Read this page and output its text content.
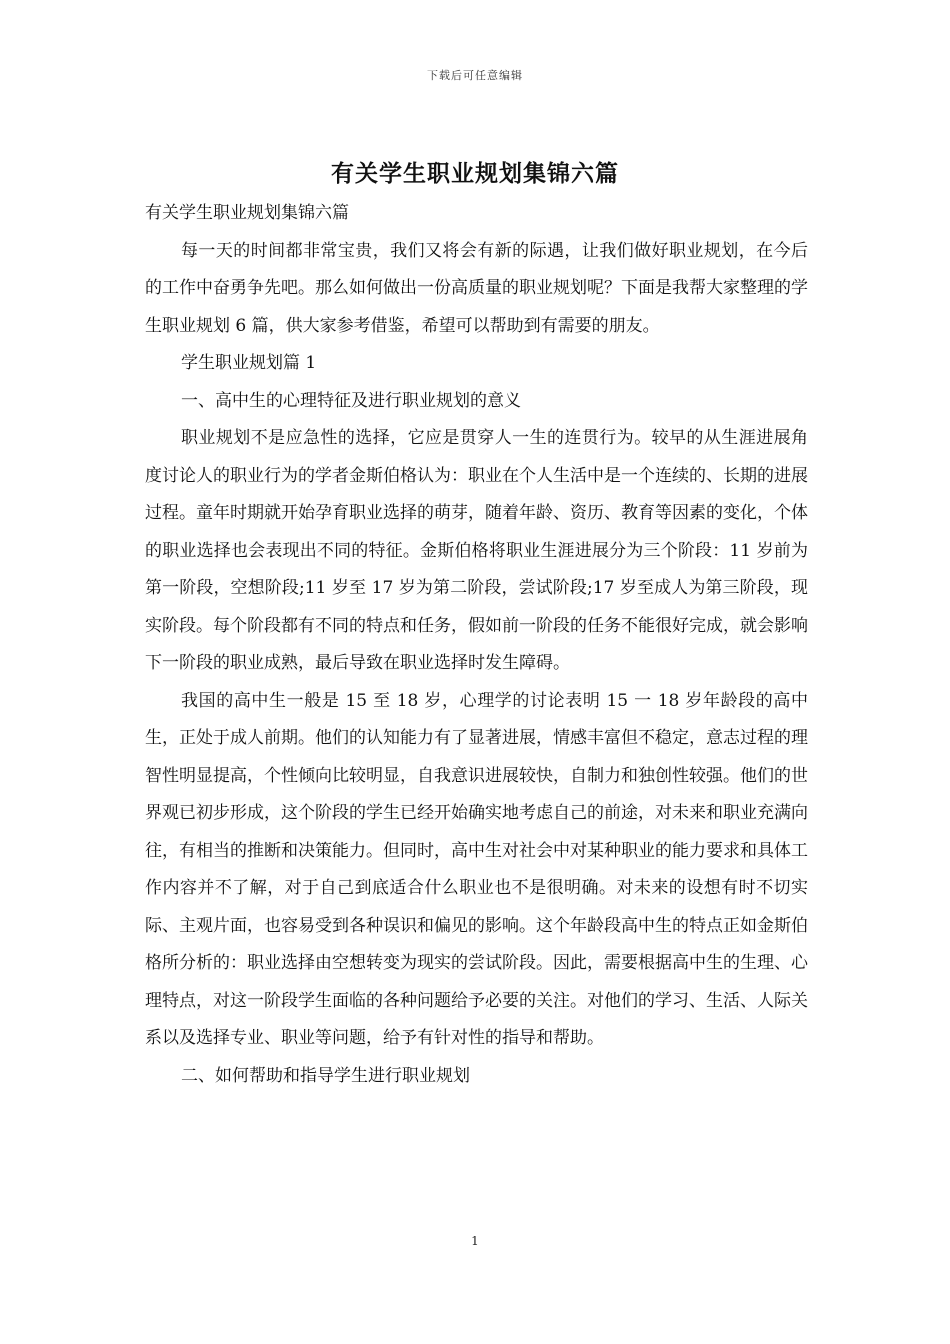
下载后可任意编辑
有关学生职业规划集锦六篇

有关学生职业规划集锦六篇

每一天的时间都非常宝贵，我们又将会有新的际遇，让我们做好职业规划，在今后的工作中奋勇争先吧。那么如何做出一份高质量的职业规划呢？下面是我帮大家整理的学生职业规划 6 篇，供大家参考借鉴，希望可以帮助到有需要的朋友。

学生职业规划篇 1

一、高中生的心理特征及进行职业规划的意义

职业规划不是应急性的选择，它应是贯穿人一生的连贯行为。较早的从生涯进展角度讨论人的职业行为的学者金斯伯格认为：职业在个人生活中是一个连续的、长期的进展过程。童年时期就开始孕育职业选择的萌芽，随着年龄、资历、教育等因素的变化，个体的职业选择也会表现出不同的特征。金斯伯格将职业生涯进展分为三个阶段：11 岁前为第一阶段，空想阶段;11 岁至 17 岁为第二阶段，尝试阶段;17 岁至成人为第三阶段，现实阶段。每个阶段都有不同的特点和任务，假如前一阶段的任务不能很好完成，就会影响下一阶段的职业成熟，最后导致在职业选择时发生障碍。

我国的高中生一般是 15 至 18 岁，心理学的讨论表明 15 一 18 岁年龄段的高中生，正处于成人前期。他们的认知能力有了显著进展，情感丰富但不稳定，意志过程的理智性明显提高，个性倾向比较明显，自我意识进展较快，自制力和独创性较强。他们的世界观已初步形成，这个阶段的学生已经开始确实地考虑自己的前途，对未来和职业充满向往，有相当的推断和决策能力。但同时，高中生对社会中对某种职业的能力要求和具体工作内容并不了解，对于自己到底适合什么职业也不是很明确。对未来的设想有时不切实际、主观片面，也容易受到各种误识和偏见的影响。这个年龄段高中生的特点正如金斯伯格所分析的：职业选择由空想转变为现实的尝试阶段。因此，需要根据高中生的生理、心理特点，对这一阶段学生面临的各种问题给予必要的关注。对他们的学习、生活、人际关系以及选择专业、职业等问题，给予有针对性的指导和帮助。

二、如何帮助和指导学生进行职业规划

1
